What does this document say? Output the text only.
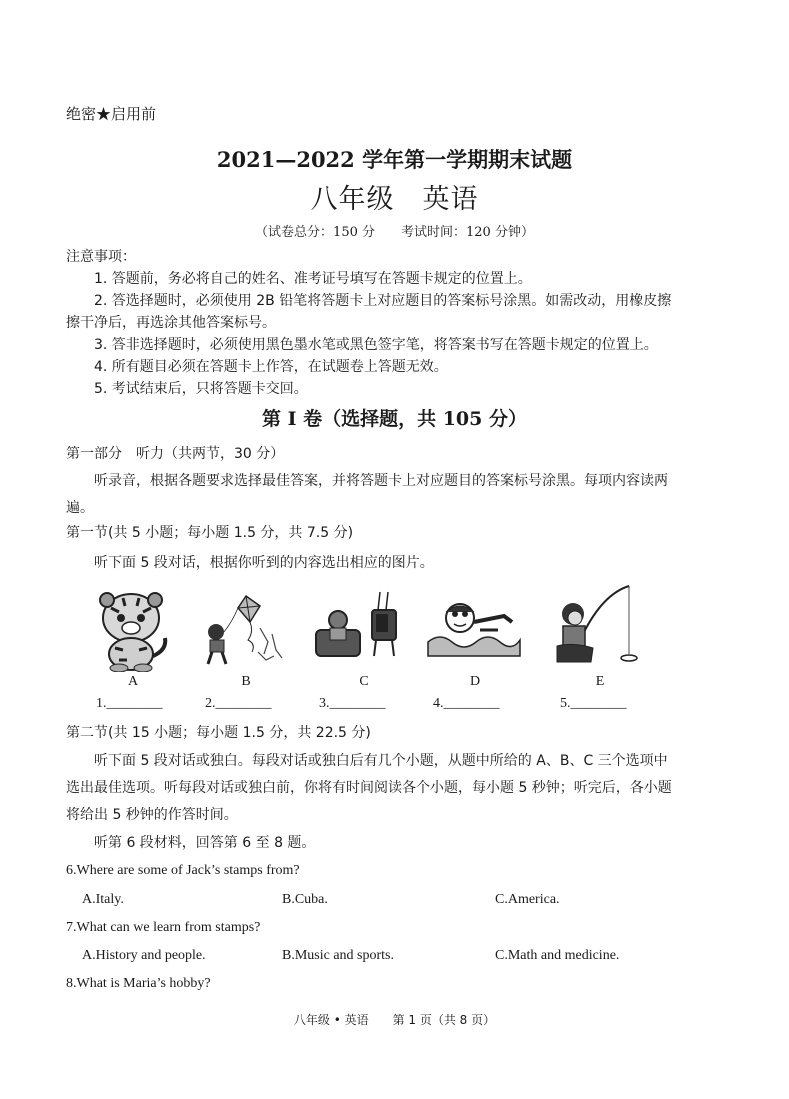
绝密★启用前
2021—2022 学年第一学期期末试题
八年级　英语
（试卷总分：150 分　　考试时间：120 分钟）
注意事项：
1. 答题前，务必将自己的姓名、准考证号填写在答题卡规定的位置上。
2. 答选择题时，必须使用 2B 铅笔将答题卡上对应题目的答案标号涂黑。如需改动，用橡皮擦
擦干净后，再选涂其他答案标号。
3. 答非选择题时，必须使用黑色墨水笔或黑色签字笔，将答案书写在答题卡规定的位置上。
4. 所有题目必须在答题卡上作答，在试题卷上答题无效。
5. 考试结束后，只将答题卡交回。
第 I 卷（选择题，共 105 分）
第一部分　听力（共两节，30 分）
听录音，根据各题要求选择最佳答案，并将答题卡上对应题目的答案标号涂黑。每项内容读两
遍。
第一节(共 5 小题；每小题 1.5 分，共 7.5 分)
听下面 5 段对话，根据你听到的内容选出相应的图片。
A	B	C	D	E
1.________	2.________	3.________	4.________	5.________
第二节(共 15 小题；每小题 1.5 分，共 22.5 分)
听下面 5 段对话或独白。每段对话或独白后有几个小题，从题中所给的 A、B、C 三个选项中
选出最佳选项。听每段对话或独白前，你将有时间阅读各个小题，每小题 5 秒钟；听完后，各小题
将给出 5 秒钟的作答时间。
听第 6 段材料，回答第 6 至 8 题。
6.Where are some of Jack’s stamps from?
A.Italy.	B.Cuba.	C.America.
7.What can we learn from stamps?
A.History and people.	B.Music and sports.	C.Math and medicine.
8.What is Maria’s hobby?
八年级 • 英语　　第 1 页（共 8 页）
